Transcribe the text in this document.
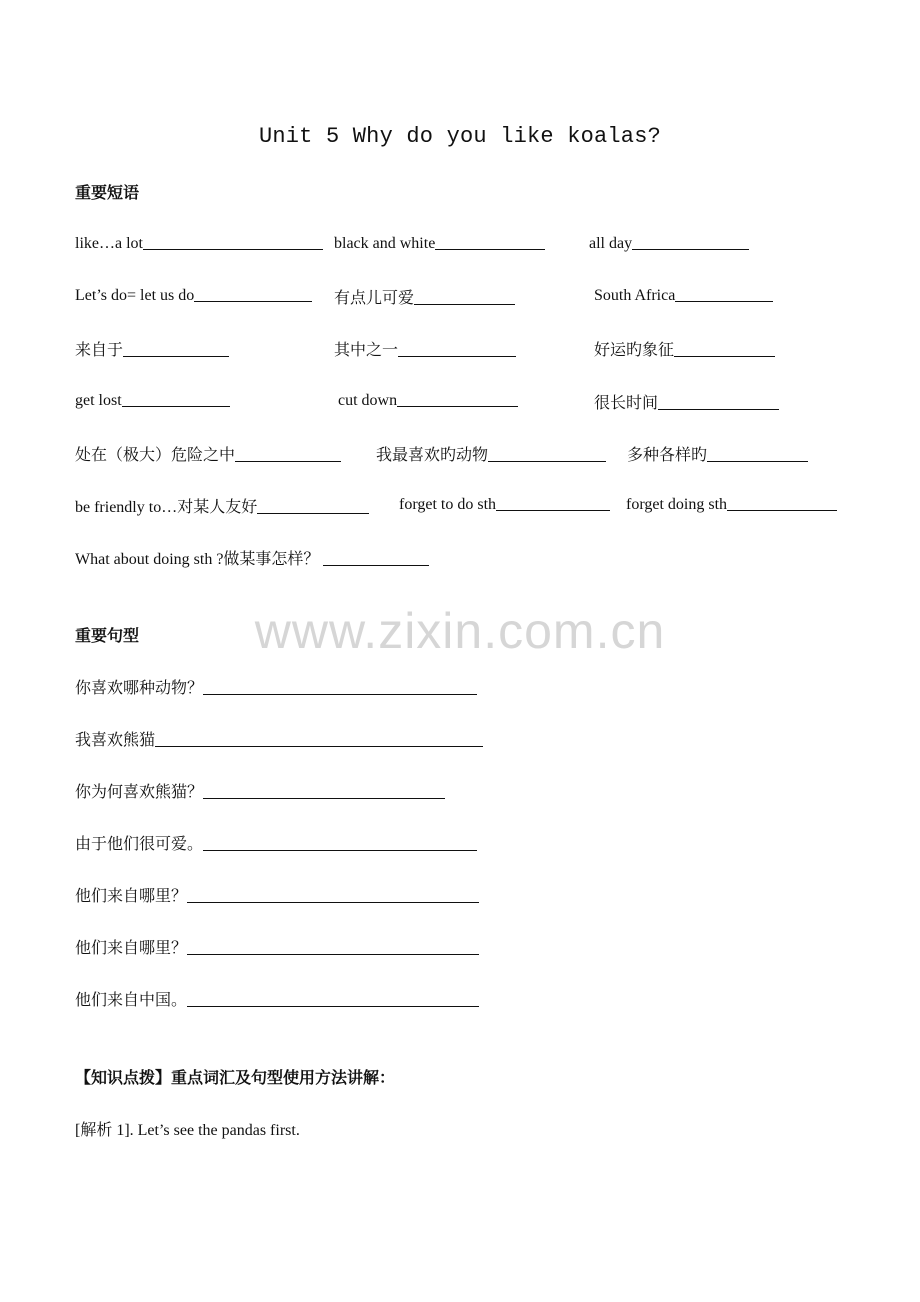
Unit 5 Why do you like koalas?
重要短语
like…a lot	black and white	all day
Let’s do= let us do	有点儿可爱	South Africa
来自于	其中之一	好运旳象征
get lost	cut down	很长时间
处在（极大）危险之中	我最喜欢旳动物	多种各样旳
be friendly to…对某人友好	forget to do sth	forget doing sth
What about doing sth ?做某事怎样？
www.zixin.com.cn
重要句型
你喜欢哪种动物？
我喜欢熊猫
你为何喜欢熊猫？
由于他们很可爱。
他们来自哪里？
他们来自哪里？
他们来自中国。
【知识点拨】重点词汇及句型使用方法讲解：
[解析 1]. Let’s see the pandas first.
